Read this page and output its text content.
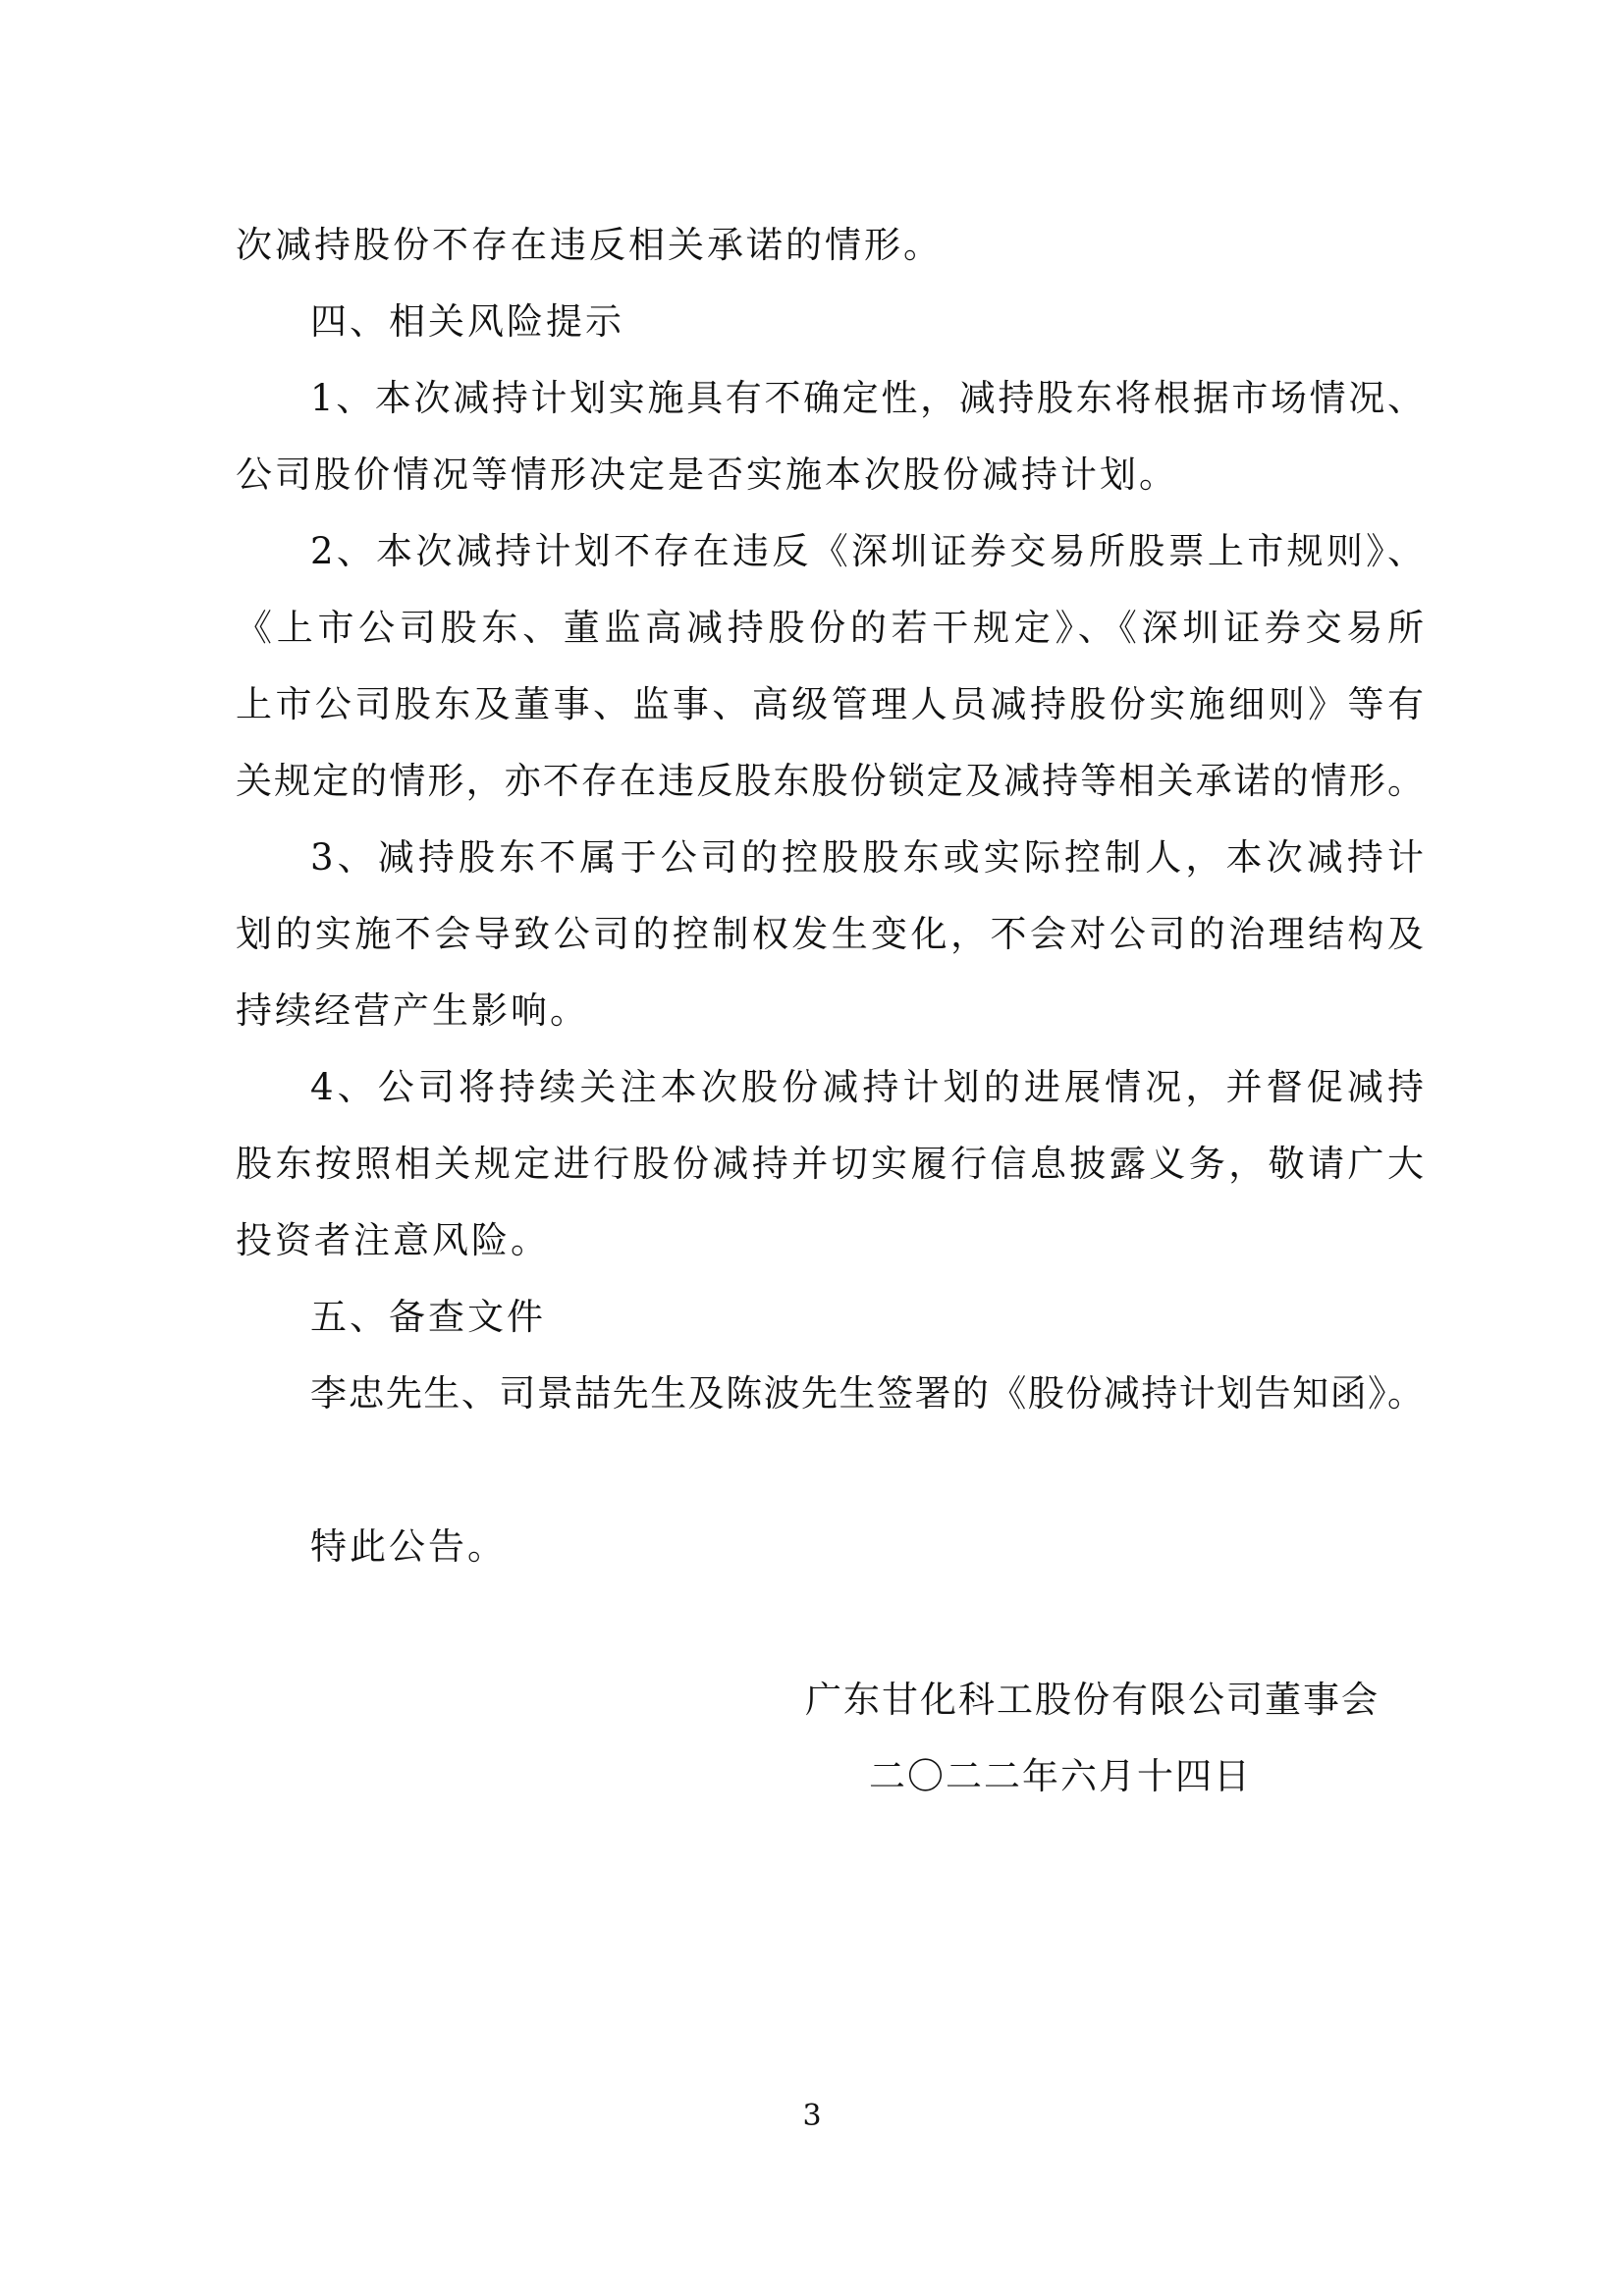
次减持股份不存在违反相关承诺的情形。
四、相关风险提示
1、本次减持计划实施具有不确定性，减持股东将根据市场情况、
公司股价情况等情形决定是否实施本次股份减持计划。
2、本次减持计划不存在违反《深圳证券交易所股票上市规则》、
《上市公司股东、董监高减持股份的若干规定》、《深圳证券交易所
上市公司股东及董事、监事、高级管理人员减持股份实施细则》等有
关规定的情形，亦不存在违反股东股份锁定及减持等相关承诺的情形。
3、减持股东不属于公司的控股股东或实际控制人，本次减持计
划的实施不会导致公司的控制权发生变化，不会对公司的治理结构及
持续经营产生影响。
4、公司将持续关注本次股份减持计划的进展情况，并督促减持
股东按照相关规定进行股份减持并切实履行信息披露义务，敬请广大
投资者注意风险。
五、备查文件
李忠先生、司景喆先生及陈波先生签署的《股份减持计划告知函》。
特此公告。
广东甘化科工股份有限公司董事会
二〇二二年六月十四日
3
